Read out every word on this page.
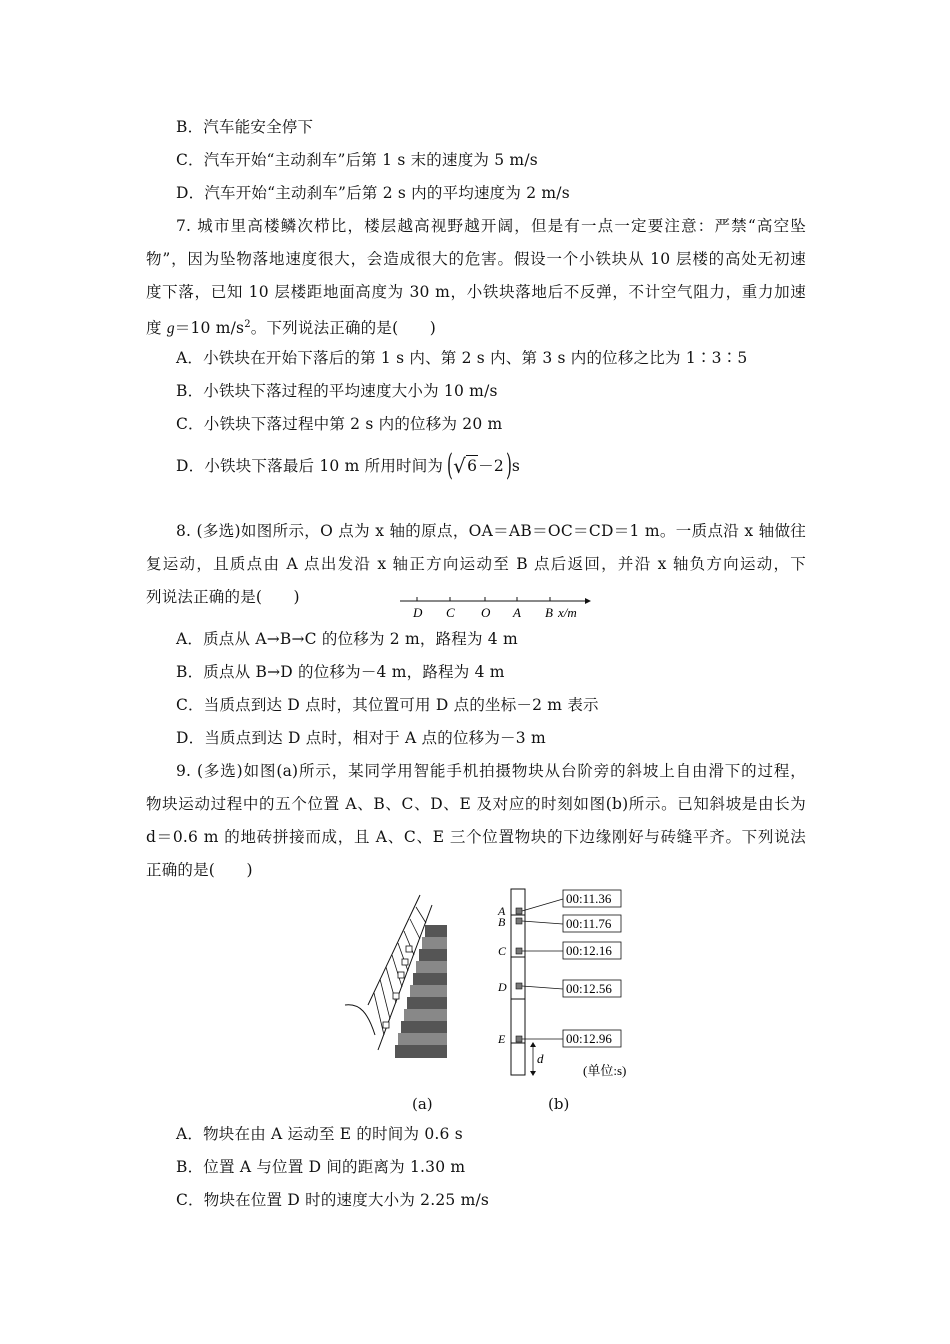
B．汽车能安全停下
C．汽车开始“主动刹车”后第 1 s 末的速度为 5 m/s
D．汽车开始“主动刹车”后第 2 s 内的平均速度为 2 m/s
7. 城市里高楼鳞次栉比，楼层越高视野越开阔，但是有一点一定要注意：严禁“高空坠
物”，因为坠物落地速度很大，会造成很大的危害。假设一个小铁块从 10 层楼的高处无初速
度下落，已知 10 层楼距地面高度为 30 m，小铁块落地后不反弹，不计空气阻力，重力加速
度 g＝10 $m/s^2$。下列说法正确的是(　　)
A．小铁块在开始下落后的第 1 s 内、第 2 s 内、第 3 s 内的位移之比为 1∶3∶5
B．小铁块下落过程的平均速度大小为 10 m/s
C．小铁块下落过程中第 2 s 内的位移为 20 m
D．小铁块下落最后 10 m 所用时间为 ( √ 6 －2 ) s
8. (多选)如图所示，O 点为 x 轴的原点，OA＝AB＝OC＝CD＝1 m。一质点沿 x 轴做往
复运动，且质点由 A 点出发沿 x 轴正方向运动至 B 点后返回，并沿 x 轴负方向运动，下
列说法正确的是(　　)
D C O A B x/m
A．质点从 A→B→C 的位移为 2 m，路程为 4 m
B．质点从 B→D 的位移为－4 m，路程为 4 m
C．当质点到达 D 点时，其位置可用 D 点的坐标－2 m 表示
D．当质点到达 D 点时，相对于 A 点的位移为－3 m
9. (多选)如图(a)所示，某同学用智能手机拍摄物块从台阶旁的斜坡上自由滑下的过程，
物块运动过程中的五个位置 A、B、C、D、E 及对应的时刻如图(b)所示。已知斜坡是由长为
d＝0.6 m 的地砖拼接而成，且 A、C、E 三个位置物块的下边缘刚好与砖缝平齐。下列说法
正确的是(　　)
A
00:11.36
B	00:11.76
C	00:12.16
D	00:12.56
E	00:12.96
d
(单位:s)
(a)	(b)
A．物块在由 A 运动至 E 的时间为 0.6 s
B．位置 A 与位置 D 间的距离为 1.30 m
C．物块在位置 D 时的速度大小为 2.25 m/s
